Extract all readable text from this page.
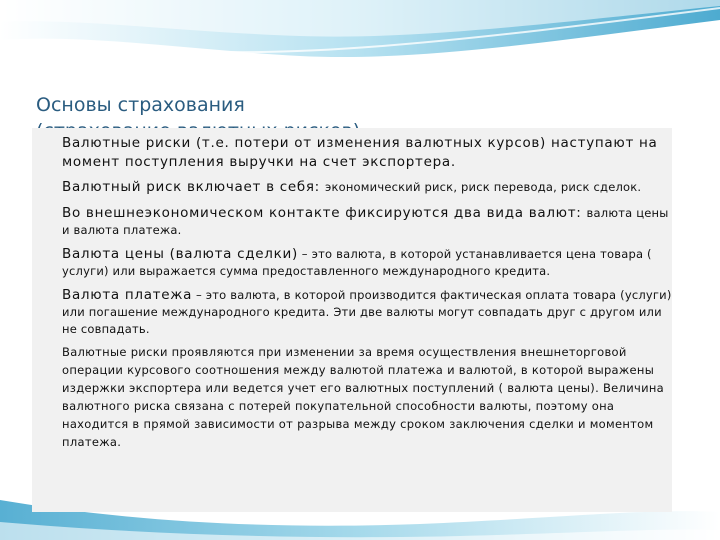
Основы страхования

Валютные риски (т.е. потери от изменения валютных курсов) наступают на момент поступления выручки на счет экспортера.

Валютный риск включает в себя: экономический риск, риск перевода, риск сделок.

Во внешнеэкономическом контакте фиксируются два вида валют: валюта цены и валюта платежа.

Валюта цены (валюта сделки) – это валюта, в которой устанавливается цена товара ( услуги) или выражается сумма предоставленного международного кредита.

Валюта платежа – это валюта, в которой производится фактическая оплата товара (услуги) или погашение международного кредита. Эти две валюты могут совпадать друг с другом или не совпадать.

Валютные риски проявляются при изменении за время осуществления внешнеторговой операции курсового соотношения между валютой платежа и валютой, в которой выражены издержки экспортера или ведется учет его валютных поступлений ( валюта цены). Величина валютного риска связана с потерей покупательной способности валюты, поэтому она находится в прямой зависимости от разрыва между сроком заключения сделки и моментом платежа.
